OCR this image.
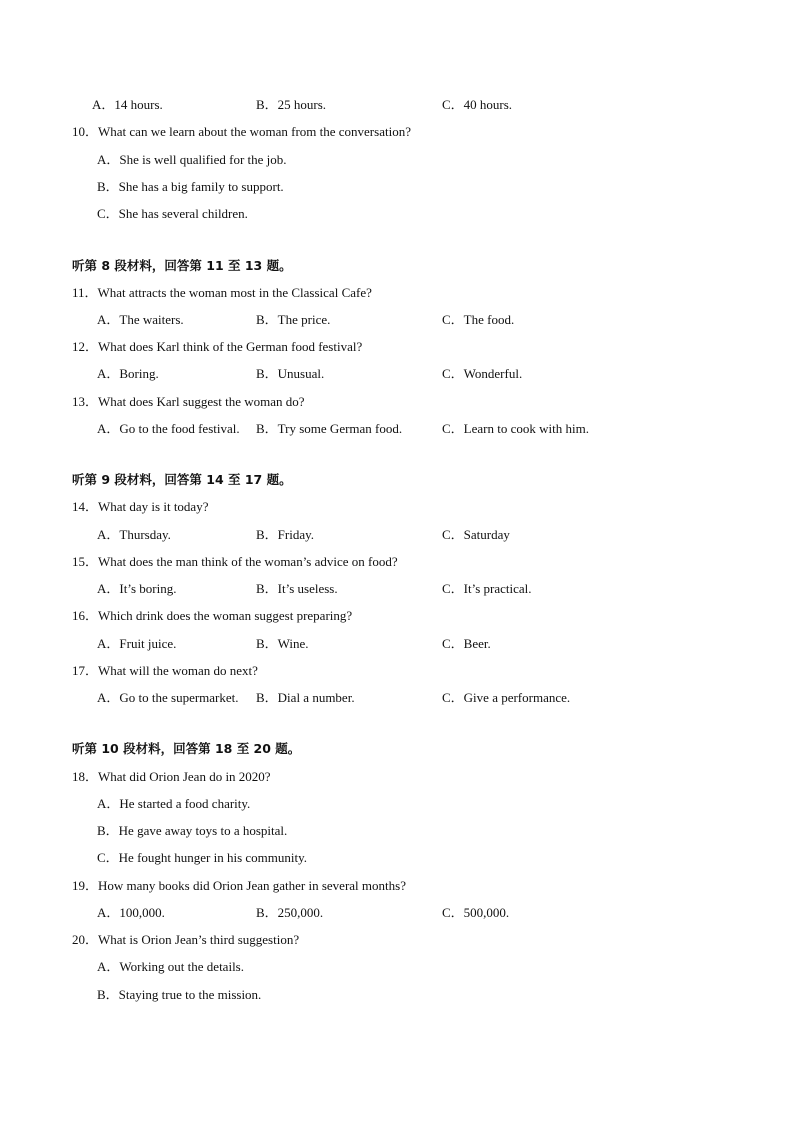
A．14 hours.	B．25 hours.	C．40 hours.
10．What can we learn about the woman from the conversation?
A．She is well qualified for the job.
B．She has a big family to support.
C．She has several children.
听第 8 段材料，回答第 11 至 13 题。
11．What attracts the woman most in the Classical Cafe?
A．The waiters.	B．The price.	C．The food.
12．What does Karl think of the German food festival?
A．Boring.	B．Unusual.	C．Wonderful.
13．What does Karl suggest the woman do?
A．Go to the food festival. B．Try some German food.	C．Learn to cook with him.
听第 9 段材料，回答第 14 至 17 题。
14．What day is it today?
A．Thursday.	B．Friday.	C．Saturday
15．What does the man think of the woman’s advice on food?
A．It’s boring.	B．It’s useless.	C．It’s practical.
16．Which drink does the woman suggest preparing?
A．Fruit juice.	B．Wine.	C．Beer.
17．What will the woman do next?
A．Go to the supermarket. B．Dial a number.	C．Give a performance.
听第 10 段材料，回答第 18 至 20 题。
18．What did Orion Jean do in 2020?
A．He started a food charity.
B．He gave away toys to a hospital.
C．He fought hunger in his community.
19．How many books did Orion Jean gather in several months?
A．100,000.	B．250,000.	C．500,000.
20．What is Orion Jean’s third suggestion?
A．Working out the details.
B．Staying true to the mission.
